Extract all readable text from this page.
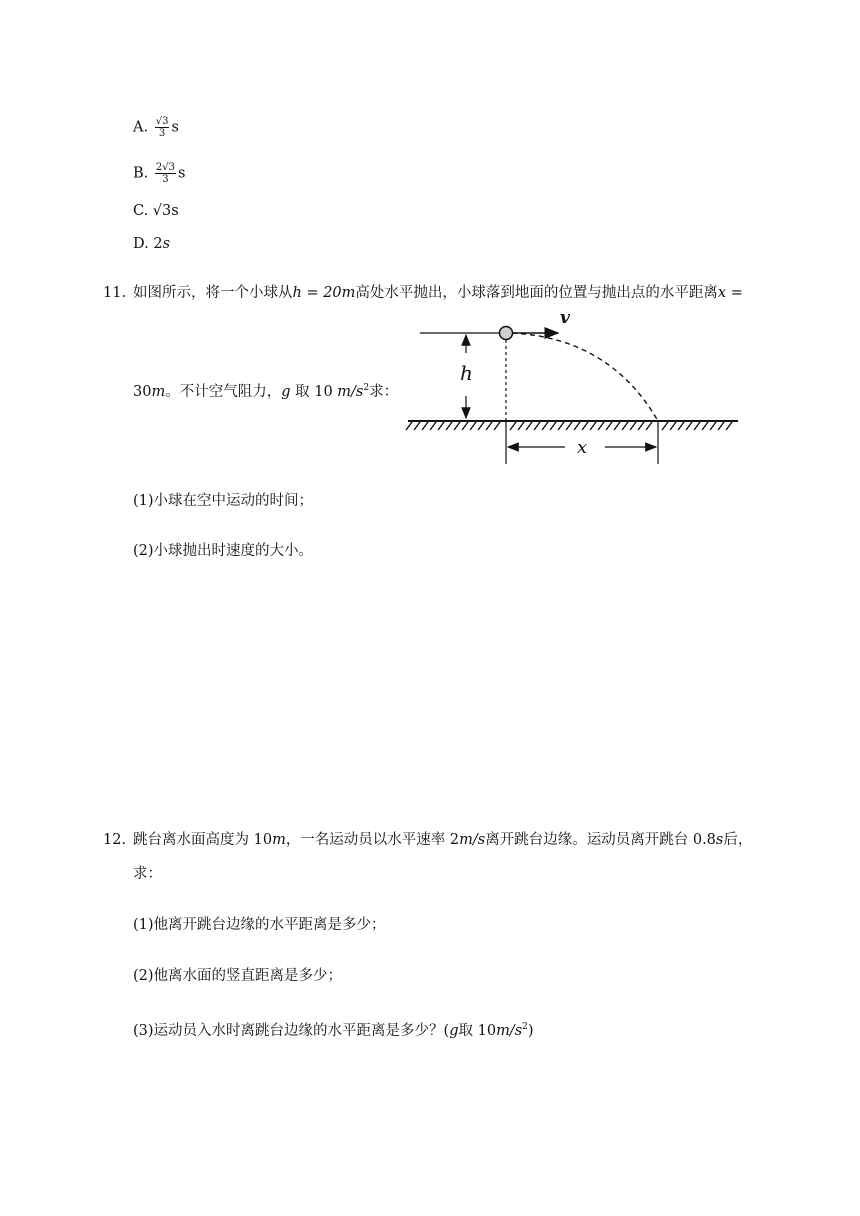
A. $\frac{√3}{3}$ s
B. $\frac{2√3}{3}$ s
C. √3s
D. 2s
11. 如图所示，将一个小球从h = 20m高处水平抛出，小球落到地面的位置与抛出点的水平距离x =
30m。不计空气阻力，g 取 10 $m/s^2$求：
h
v
x
(1)小球在空中运动的时间；
(2)小球抛出时速度的大小。
12. 跳台离水面高度为 10m，一名运动员以水平速率 2m/s离开跳台边缘。运动员离开跳台 0.8s后，
求：
(1)他离开跳台边缘的水平距离是多少；
(2)他离水面的竖直距离是多少；
(3)运动员入水时离跳台边缘的水平距离是多少？(g取 $10m/s^2$)
